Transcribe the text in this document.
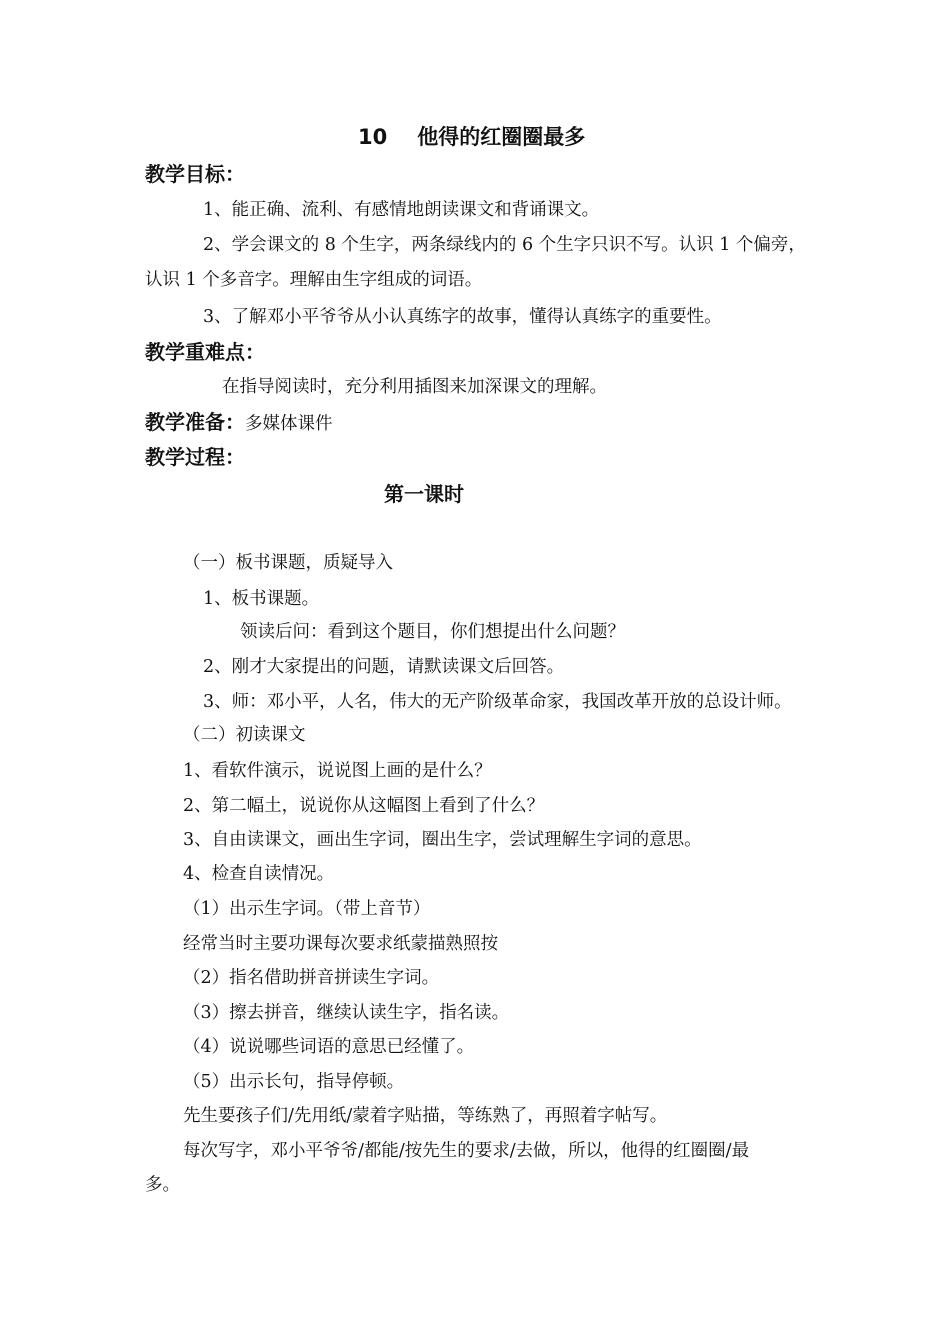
10 他得的红圈圈最多
教学目标：
1、能正确、流利、有感情地朗读课文和背诵课文。
2、学会课文的 8 个生字，两条绿线内的 6 个生字只识不写。认识 1 个偏旁，
认识 1 个多音字。理解由生字组成的词语。
3、了解邓小平爷爷从小认真练字的故事，懂得认真练字的重要性。
教学重难点：
在指导阅读时，充分利用插图来加深课文的理解。
教学准备：多媒体课件
教学过程：
第一课时
（一）板书课题，质疑导入
1、板书课题。
领读后问：看到这个题目，你们想提出什么问题？
2、刚才大家提出的问题，请默读课文后回答。
3、师：邓小平，人名，伟大的无产阶级革命家，我国改革开放的总设计师。
（二）初读课文
1、看软件演示，说说图上画的是什么？
2、第二幅土，说说你从这幅图上看到了什么？
3、自由读课文，画出生字词，圈出生字，尝试理解生字词的意思。
4、检查自读情况。
（1）出示生字词。（带上音节）
经常当时主要功课每次要求纸蒙描熟照按
（2）指名借助拼音拼读生字词。
（3）擦去拼音，继续认读生字，指名读。
（4）说说哪些词语的意思已经懂了。
（5）出示长句，指导停顿。
先生要孩子们/先用纸/蒙着字贴描，等练熟了，再照着字帖写。
每次写字，邓小平爷爷/都能/按先生的要求/去做，所以，他得的红圈圈/最
多。
